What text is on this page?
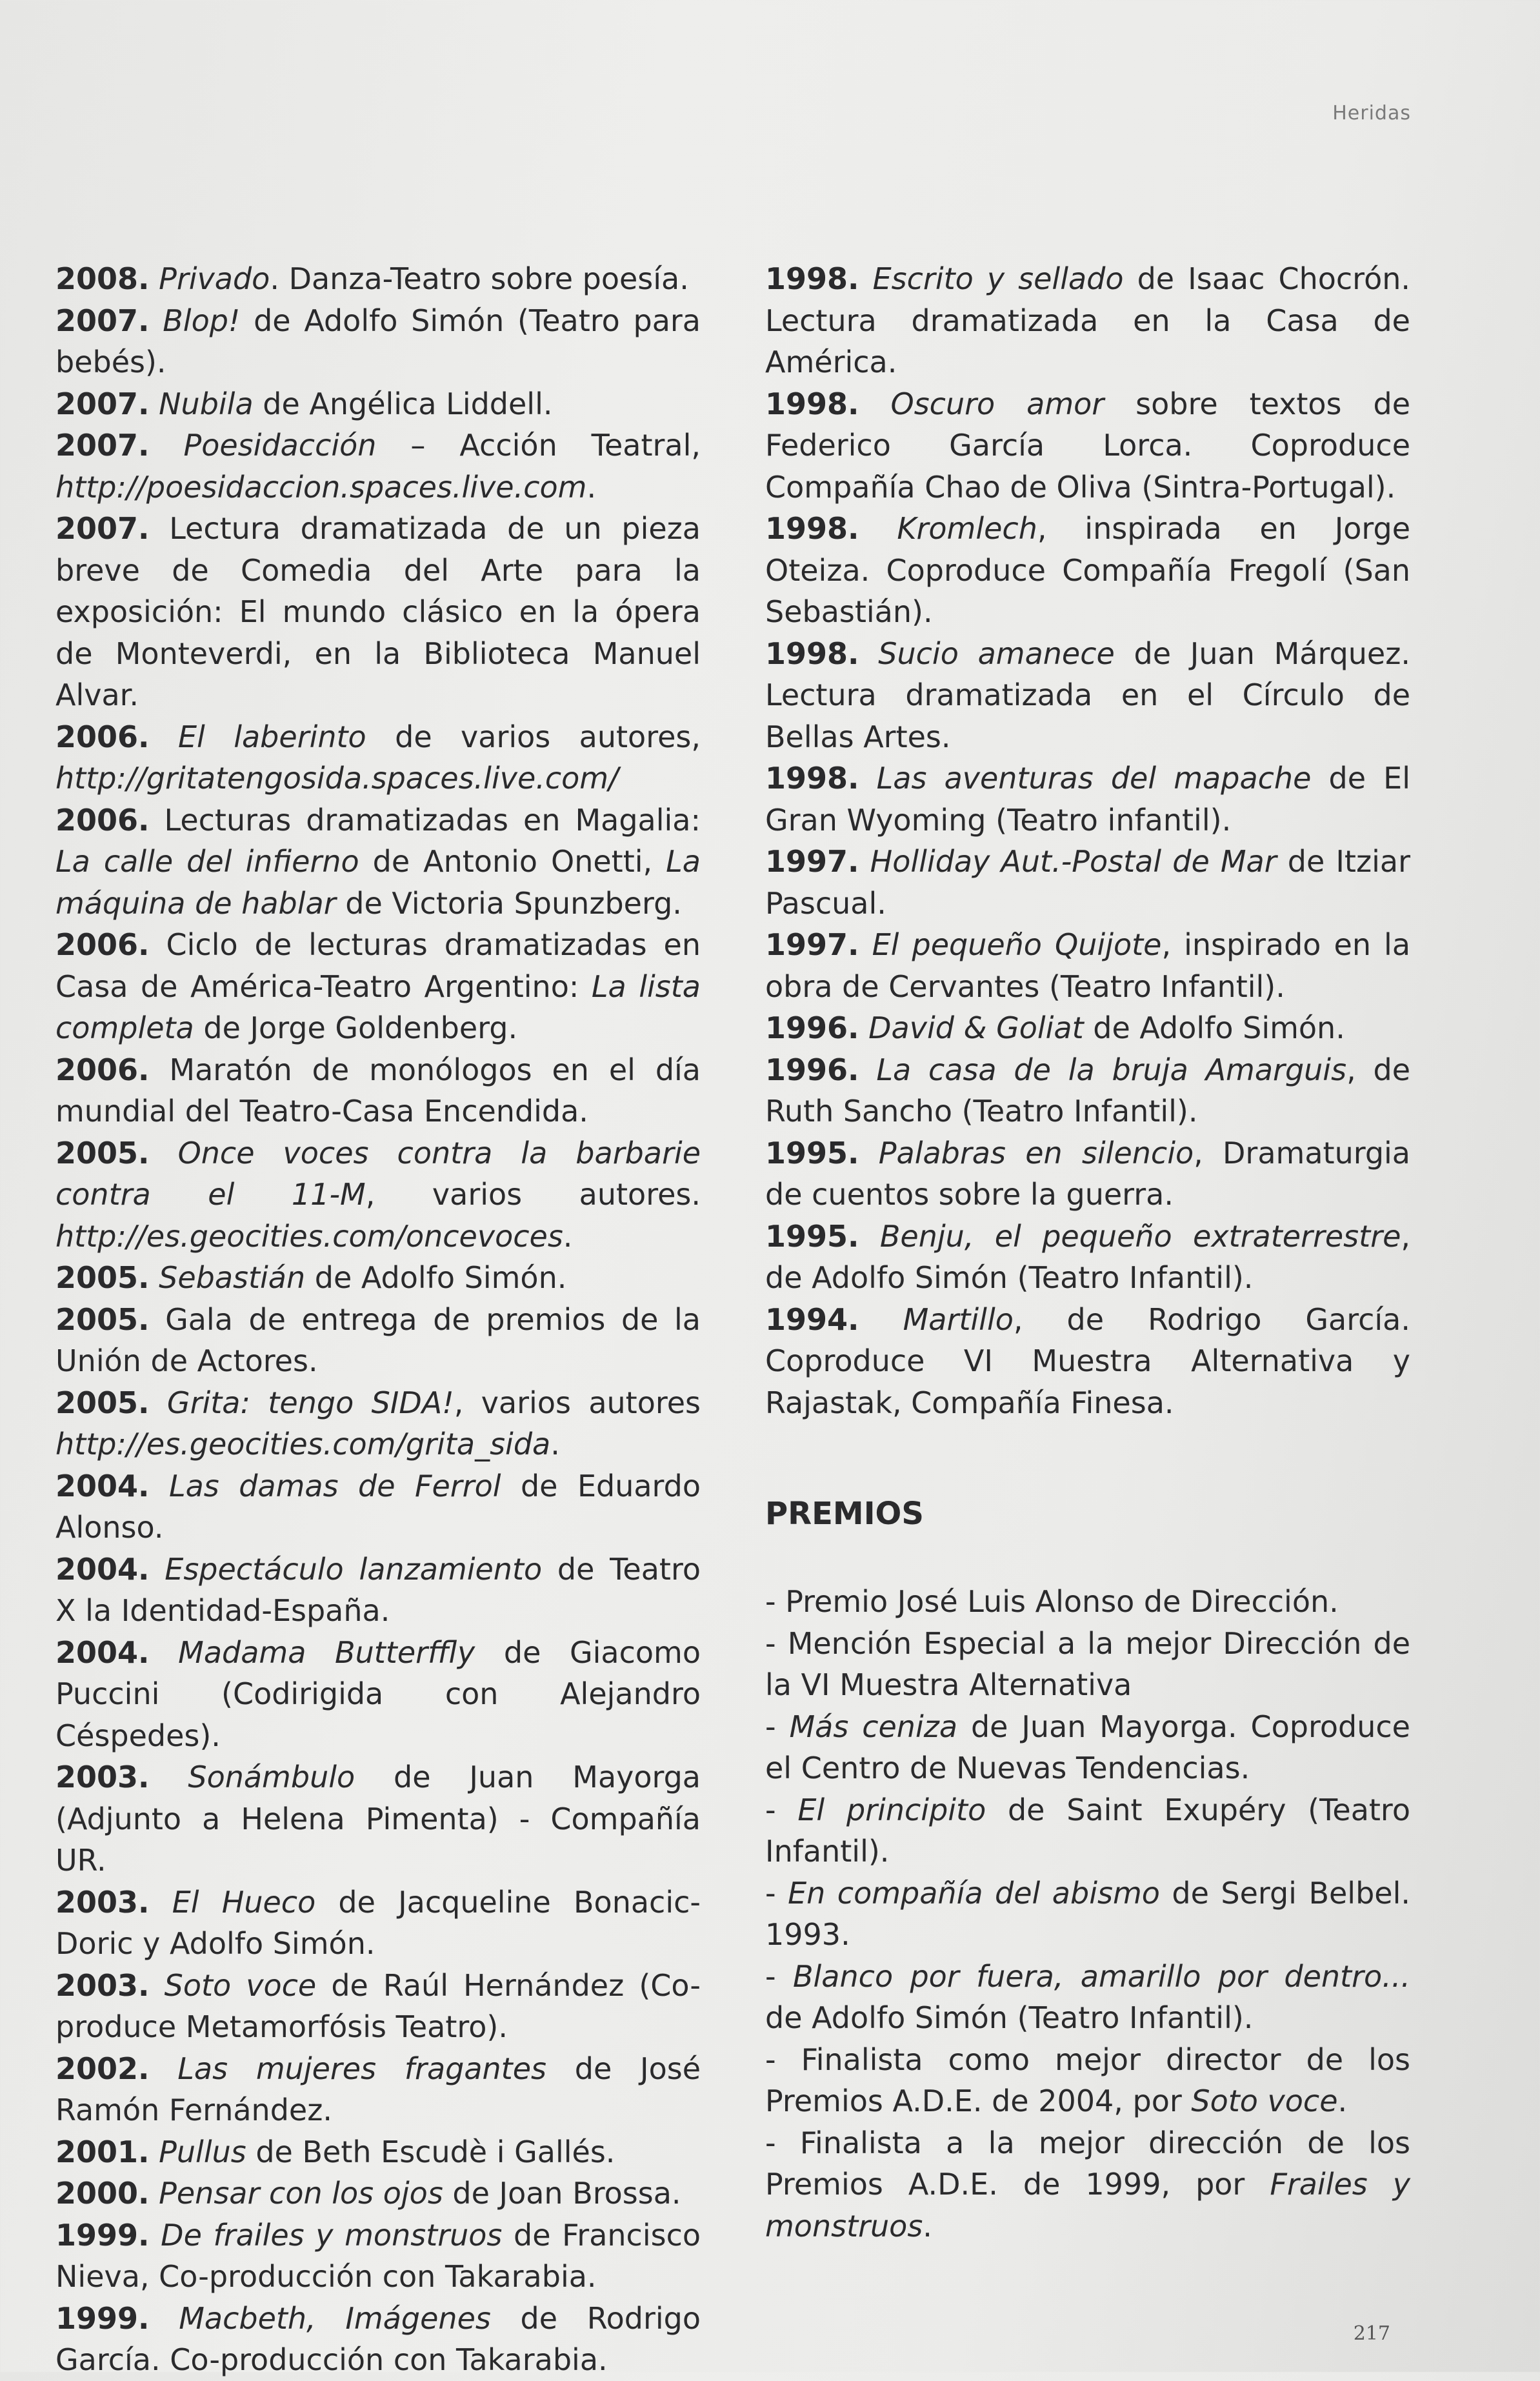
Heridas

2008. Privado. Danza-Teatro sobre poesía.

2007. Blop! de Adolfo Simón (Teatro para bebés).

2007. Nubila de Angélica Liddell.

2007. Poesidacción – Acción Teatral, http://poesidaccion.spaces.live.com.

2007. Lectura dramatizada de un pieza breve de Comedia del Arte para la exposición: El mundo clásico en la ópera de Monteverdi, en la Biblioteca Manuel Alvar.

2006. El laberinto de varios autores, http://gritatengosida.spaces.live.com/

2006. Lecturas dramatizadas en Magalia: La calle del infierno de Antonio Onetti, La máquina de hablar de Victoria Spunzberg.

2006. Ciclo de lecturas dramatizadas en Casa de América-Teatro Argentino: La lista completa de Jorge Goldenberg.

2006. Maratón de monólogos en el día mundial del Teatro-Casa Encendida.

2005. Once voces contra la barbarie contra el 11-M, varios autores. http://es.geocities.com/oncevoces.

2005. Sebastián de Adolfo Simón.

2005. Gala de entrega de premios de la Unión de Actores.

2005. Grita: tengo SIDA!, varios autores http://es.geocities.com/grita_sida.

2004. Las damas de Ferrol de Eduardo Alonso.

2004. Espectáculo lanzamiento de Teatro X la Identidad-España.

2004. Madama Butterffly de Giacomo Puccini (Codirigida con Alejandro Céspedes).

2003. Sonámbulo de Juan Mayorga (Adjunto a Helena Pimenta) - Compañía UR.

2003. El Hueco de Jacqueline Bonacic-Doric y Adolfo Simón.

2003. Soto voce de Raúl Hernández (Co-produce Metamorfósis Teatro).

2002. Las mujeres fragantes de José Ramón Fernández.

2001. Pullus de Beth Escudè i Gallés.

2000. Pensar con los ojos de Joan Brossa.

1999. De frailes y monstruos de Francisco Nieva, Co-producción con Takarabia.

1999. Macbeth, Imágenes de Rodrigo García. Co-producción con Takarabia.

1998. Escrito y sellado de Isaac Chocrón. Lectura dramatizada en la Casa de América.

1998. Oscuro amor sobre textos de Federico García Lorca. Coproduce Compañía Chao de Oliva (Sintra-Portugal).

1998. Kromlech, inspirada en Jorge Oteiza. Coproduce Compañía Fregolí (San Sebastián).

1998. Sucio amanece de Juan Márquez. Lectura dramatizada en el Círculo de Bellas Artes.

1998. Las aventuras del mapache de El Gran Wyoming (Teatro infantil).

1997. Holliday Aut.-Postal de Mar de Itziar Pascual.

1997. El pequeño Quijote, inspirado en la obra de Cervantes (Teatro Infantil).

1996. David & Goliat de Adolfo Simón.

1996. La casa de la bruja Amarguis, de Ruth Sancho (Teatro Infantil).

1995. Palabras en silencio, Dramaturgia de cuentos sobre la guerra.

1995. Benju, el pequeño extraterrestre, de Adolfo Simón (Teatro Infantil).

1994. Martillo, de Rodrigo García. Coproduce VI Muestra Alternativa y Rajastak, Compañía Finesa.

PREMIOS

- Premio José Luis Alonso de Dirección.

- Mención Especial a la mejor Dirección de la VI Muestra Alternativa

- Más ceniza de Juan Mayorga. Coproduce el Centro de Nuevas Tendencias.

- El principito de Saint Exupéry (Teatro Infantil).

- En compañía del abismo de Sergi Belbel. 1993.

- Blanco por fuera, amarillo por dentro... de Adolfo Simón (Teatro Infantil).

- Finalista como mejor director de los Premios A.D.E. de 2004, por Soto voce.

- Finalista a la mejor dirección de los Premios A.D.E. de 1999, por Frailes y monstruos.

217
